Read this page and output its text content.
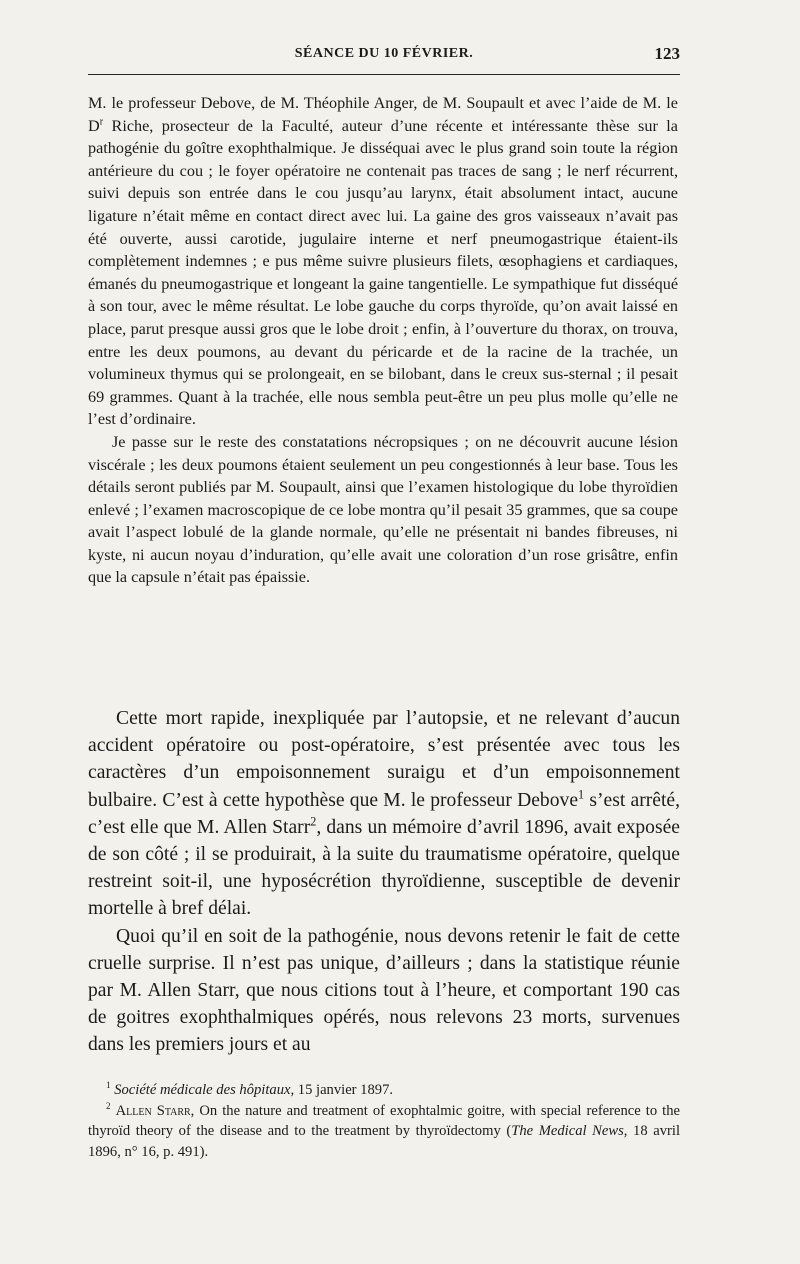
SÉANCE DU 10 FÉVRIER.	123

M. le professeur Debove, de M. Théophile Anger, de M. Soupault et avec l’aide de M. le $D^r$ Riche, prosecteur de la Faculté, auteur d’une récente et intéressante thèse sur la pathogénie du goître exophthalmique. Je disséquai avec le plus grand soin toute la région antérieure du cou ; le foyer opératoire ne contenait pas traces de sang ; le nerf récurrent, suivi depuis son entrée dans le cou jusqu’au larynx, était absolument intact, aucune ligature n’était même en contact direct avec lui. La gaine des gros vaisseaux n’avait pas été ouverte, aussi carotide, jugulaire interne et nerf pneumogastrique étaient-ils complètement indemnes ; e pus même suivre plusieurs filets, œsophagiens et cardiaques, émanés du pneumogastrique et longeant la gaine tangentielle. Le sympathique fut disséqué à son tour, avec le même résultat. Le lobe gauche du corps thyroïde, qu’on avait laissé en place, parut presque aussi gros que le lobe droit ; enfin, à l’ouverture du thorax, on trouva, entre les deux poumons, au devant du péricarde et de la racine de la trachée, un volumineux thymus qui se prolongeait, en se bilobant, dans le creux sus-sternal ; il pesait 69 grammes. Quant à la trachée, elle nous sembla peut-être un peu plus molle qu’elle ne l’est d’ordinaire.

Je passe sur le reste des constatations nécropsiques ; on ne découvrit aucune lésion viscérale ; les deux poumons étaient seulement un peu congestionnés à leur base. Tous les détails seront publiés par M. Soupault, ainsi que l’examen histologique du lobe thyroïdien enlevé ; l’examen macroscopique de ce lobe montra qu’il pesait 35 grammes, que sa coupe avait l’aspect lobulé de la glande normale, qu’elle ne présentait ni bandes fibreuses, ni kyste, ni aucun noyau d’induration, qu’elle avait une coloration d’un rose grisâtre, enfin que la capsule n’était pas épaissie.

Cette mort rapide, inexpliquée par l’autopsie, et ne relevant d’aucun accident opératoire ou post-opératoire, s’est présentée avec tous les caractères d’un empoisonnement suraigu et d’un empoisonnement bulbaire. C’est à cette hypothèse que M. le professeur Debove$^1$ s’est arrêté, c’est elle que M. Allen Starr$^2$, dans un mémoire d’avril 1896, avait exposée de son côté ; il se produirait, à la suite du traumatisme opératoire, quelque restreint soit-il, une hyposécrétion thyroïdienne, susceptible de devenir mortelle à bref délai.

Quoi qu’il en soit de la pathogénie, nous devons retenir le fait de cette cruelle surprise. Il n’est pas unique, d’ailleurs ; dans la statistique réunie par M. Allen Starr, que nous citions tout à l’heure, et comportant 190 cas de goitres exophthalmiques opérés, nous relevons 23 morts, survenues dans les premiers jours et au

$^1$ Société médicale des hôpitaux, 15 janvier 1897.

$^2$ Allen Starr, On the nature and treatment of exophtalmic goitre, with special reference to the thyroïd theory of the disease and to the treatment by thyroïdectomy (The Medical News, 18 avril 1896, n° 16, p. 491).
